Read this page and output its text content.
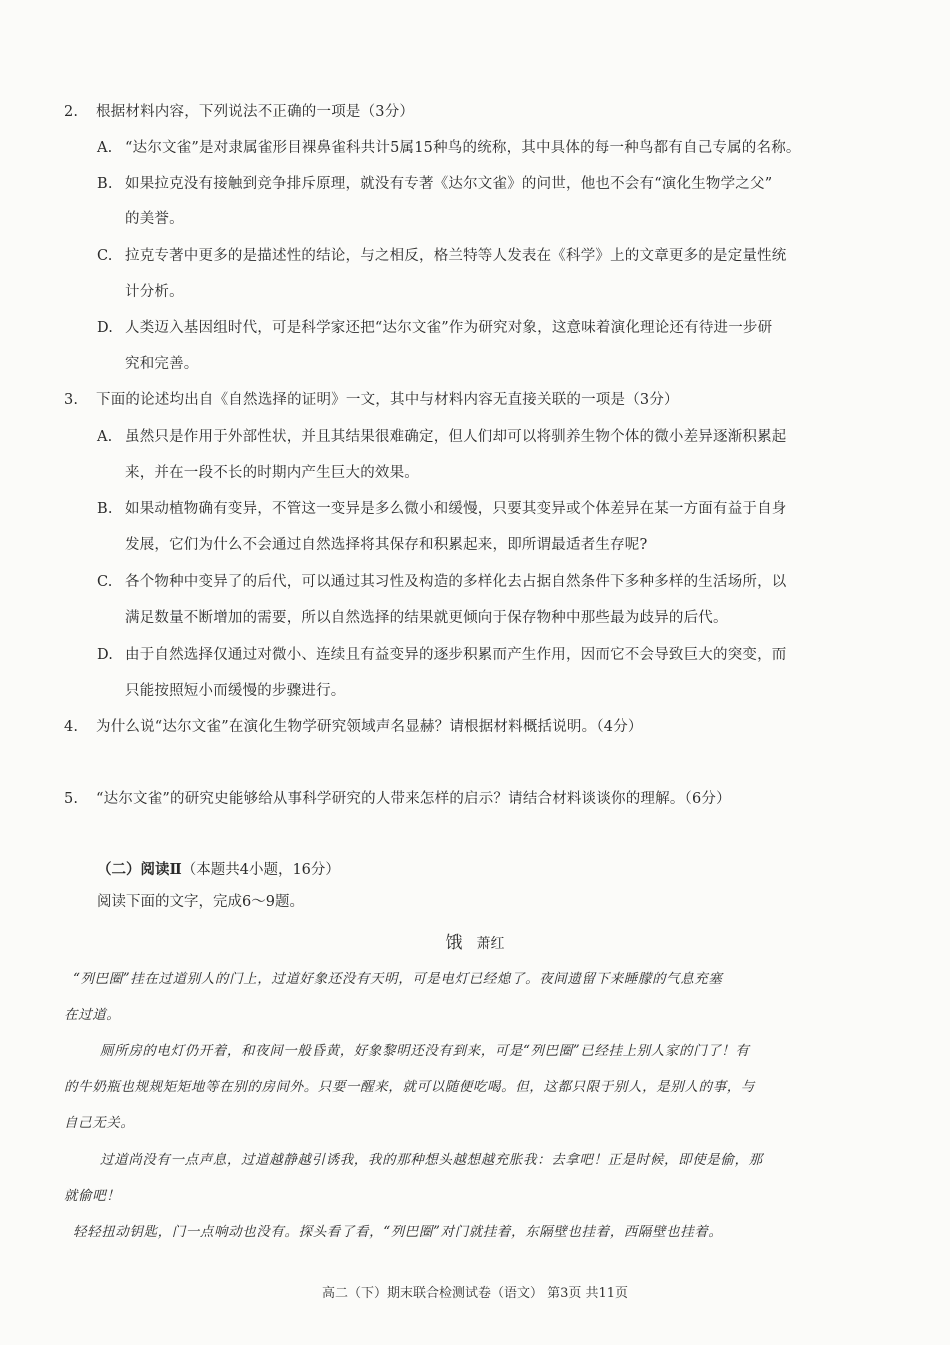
2. 根据材料内容，下列说法不正确的一项是（3分）
A. “达尔文雀”是对隶属雀形目裸鼻雀科共计5属15种鸟的统称，其中具体的每一种鸟都有自己专属的名称。
B. 如果拉克没有接触到竞争排斥原理，就没有专著《达尔文雀》的问世，他也不会有“演化生物学之父”
的美誉。
C. 拉克专著中更多的是描述性的结论，与之相反，格兰特等人发表在《科学》上的文章更多的是定量性统
计分析。
D. 人类迈入基因组时代，可是科学家还把“达尔文雀”作为研究对象，这意味着演化理论还有待进一步研
究和完善。
3. 下面的论述均出自《自然选择的证明》一文，其中与材料内容无直接关联的一项是（3分）
A. 虽然只是作用于外部性状，并且其结果很难确定，但人们却可以将驯养生物个体的微小差异逐渐积累起
来，并在一段不长的时期内产生巨大的效果。
B. 如果动植物确有变异，不管这一变异是多么微小和缓慢，只要其变异或个体差异在某一方面有益于自身
发展，它们为什么不会通过自然选择将其保存和积累起来，即所谓最适者生存呢?
C. 各个物种中变异了的后代，可以通过其习性及构造的多样化去占据自然条件下多种多样的生活场所，以
满足数量不断增加的需要，所以自然选择的结果就更倾向于保存物种中那些最为歧异的后代。
D. 由于自然选择仅通过对微小、连续且有益变异的逐步积累而产生作用，因而它不会导致巨大的突变，而
只能按照短小而缓慢的步骤进行。
4. 为什么说“达尔文雀”在演化生物学研究领域声名显赫？请根据材料概括说明。（4分）
5. “达尔文雀”的研究史能够给从事科学研究的人带来怎样的启示？请结合材料谈谈你的理解。（6分）
（二）阅读Ⅱ（本题共4小题，16分）
阅读下面的文字，完成6～9题。
饿 萧红
“列巴圈”挂在过道别人的门上，过道好象还没有天明，可是电灯已经熄了。夜间遗留下来睡朦的气息充塞
在过道。
厕所房的电灯仍开着，和夜间一般昏黄，好象黎明还没有到来，可是“列巴圈”已经挂上别人家的门了！有
的牛奶瓶也规规矩矩地等在别的房间外。只要一醒来，就可以随便吃喝。但，这都只限于别人，是别人的事，与
自己无关。
过道尚没有一点声息，过道越静越引诱我，我的那种想头越想越充胀我：去拿吧！正是时候，即使是偷，那
就偷吧！
轻轻扭动钥匙，门一点响动也没有。探头看了看，“列巴圈”对门就挂着，东隔壁也挂着，西隔壁也挂着。
高二（下）期末联合检测试卷（语文） 第3页 共11页
